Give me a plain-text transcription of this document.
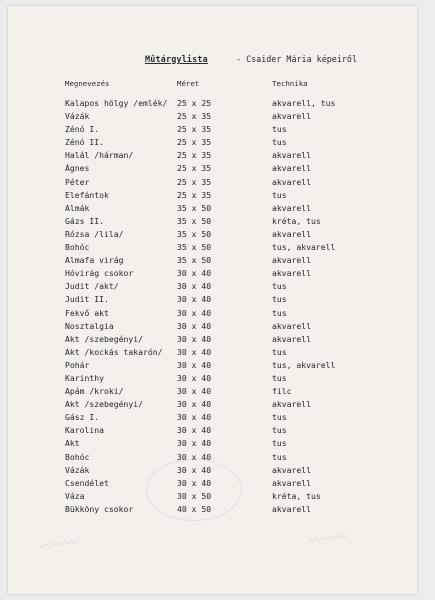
Műtárgylista	- Csaider Mária képeiről
Megnevezés	Méret	Technika
Kalapos hölgy /emlék/ 25 x 25	akvarell, tus
Vázák	25 x 35	akvarell
Zénó I.	25 x 35	tus
Zénó II.	25 x 35	tus
Halál /hárman/	25 x 35	akvarell
Ágnes	25 x 35	akvarell
Péter	25 x 35	akvarell
Elefántok	25 x 35	tus
Almák	35 x 50	akvarell
Gázs II.	35 x 50	kréta, tus
Rózsa /lila/	35 x 50	akvarell
Bohóc	35 x 50	tus, akvarell
Almafa virág	35 x 50	akvarell
Hóvirág csokor	30 x 40	akvarell
Judit /akt/	30 x 40	tus
Judit II.	30 x 40	tus
Fekvő akt	30 x 40	tus
Nosztalgia	30 x 40	akvarell
Akt /szebegényi/	30 x 40	akvarell
Akt /kockás takarón/ 30 x 40	tus
Pohár	30 x 40	tus, akvarell
Karinthy	30 x 40	tus
Apám /kroki/	30 x 40	filc
Akt /szebegényi/	30 x 40	akvarell
Gász I.	30 x 40	tus
Karolina	30 x 40	tus
Akt	30 x 40	tus
Bohóc	30 x 40	tus
Vázák	30 x 40	akvarell
Csendélet	30 x 40	akvarell
Váza	30 x 50	kréta, tus
Bükköny csokor	40 x 50	akvarell
〰〰〰	〰〰〰
